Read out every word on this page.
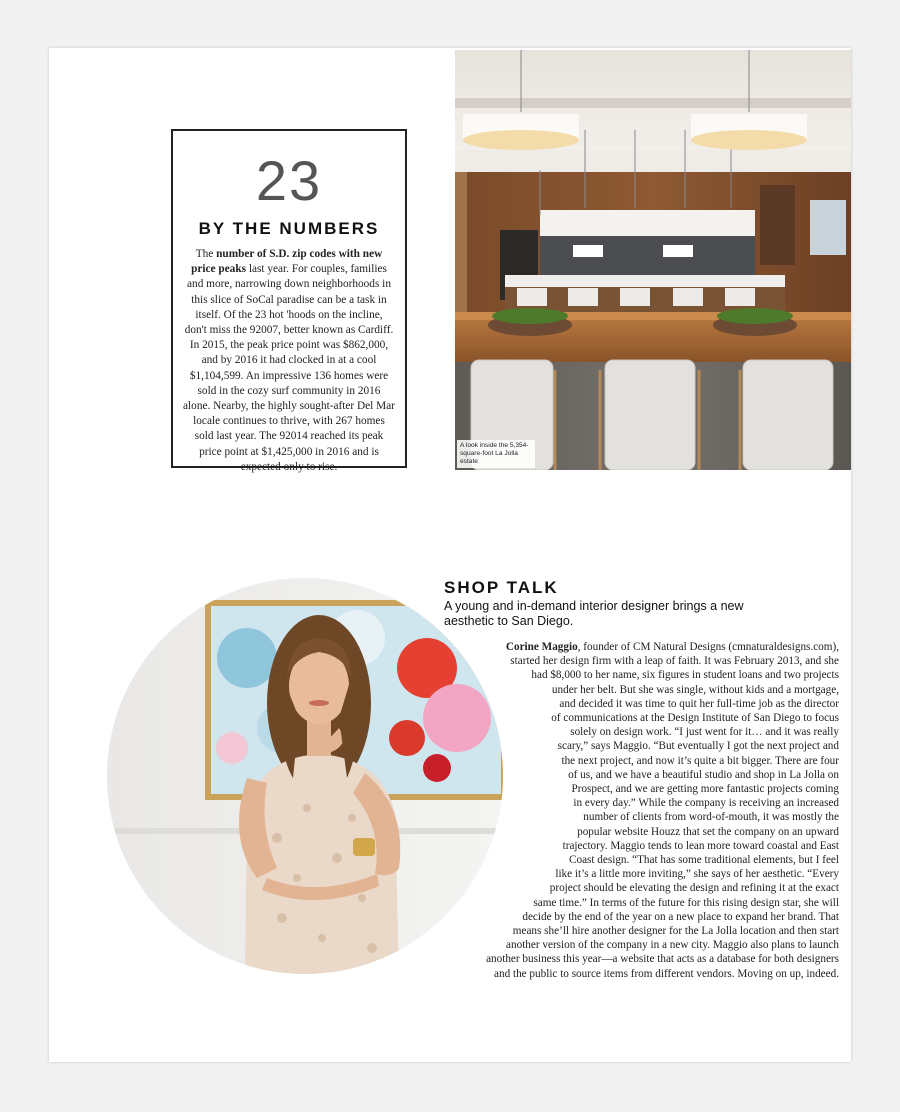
23
BY THE NUMBERS
The number of S.D. zip codes with new price peaks last year. For couples, families and more, narrowing down neighborhoods in this slice of SoCal paradise can be a task in itself. Of the 23 hot 'hoods on the incline, don't miss the 92007, better known as Cardiff. In 2015, the peak price point was $862,000, and by 2016 it had clocked in at a cool $1,104,599. An impressive 136 homes were sold in the cozy surf community in 2016 alone. Nearby, the highly sought-after Del Mar locale continues to thrive, with 267 homes sold last year. The 92014 reached its peak price point at $1,425,000 in 2016 and is expected only to rise.
A look inside the 5,354-square-foot La Jolla estate
SHOP TALK
A young and in-demand interior designer brings a new aesthetic to San Diego.
Corine Maggio, founder of CM Natural Designs (cmnaturaldesigns.com),
started her design firm with a leap of faith. It was February 2013, and she
had $8,000 to her name, six figures in student loans and two projects
under her belt. But she was single, without kids and a mortgage,
and decided it was time to quit her full-time job as the director
of communications at the Design Institute of San Diego to focus
solely on design work. “I just went for it… and it was really
scary,” says Maggio. “But eventually I got the next project and
the next project, and now it’s quite a bit bigger. There are four
of us, and we have a beautiful studio and shop in La Jolla on
Prospect, and we are getting more fantastic projects coming
in every day.” While the company is receiving an increased
number of clients from word-of-mouth, it was mostly the
popular website Houzz that set the company on an upward
trajectory. Maggio tends to lean more toward coastal and East
Coast design. “That has some traditional elements, but I feel
like it’s a little more inviting,” she says of her aesthetic. “Every
project should be elevating the design and refining it at the exact
same time.” In terms of the future for this rising design star, she will
decide by the end of the year on a new place to expand her brand. That
means she’ll hire another designer for the La Jolla location and then start
another version of the company in a new city. Maggio also plans to launch
another business this year—a website that acts as a database for both designers
and the public to source items from different vendors. Moving on up, indeed.
